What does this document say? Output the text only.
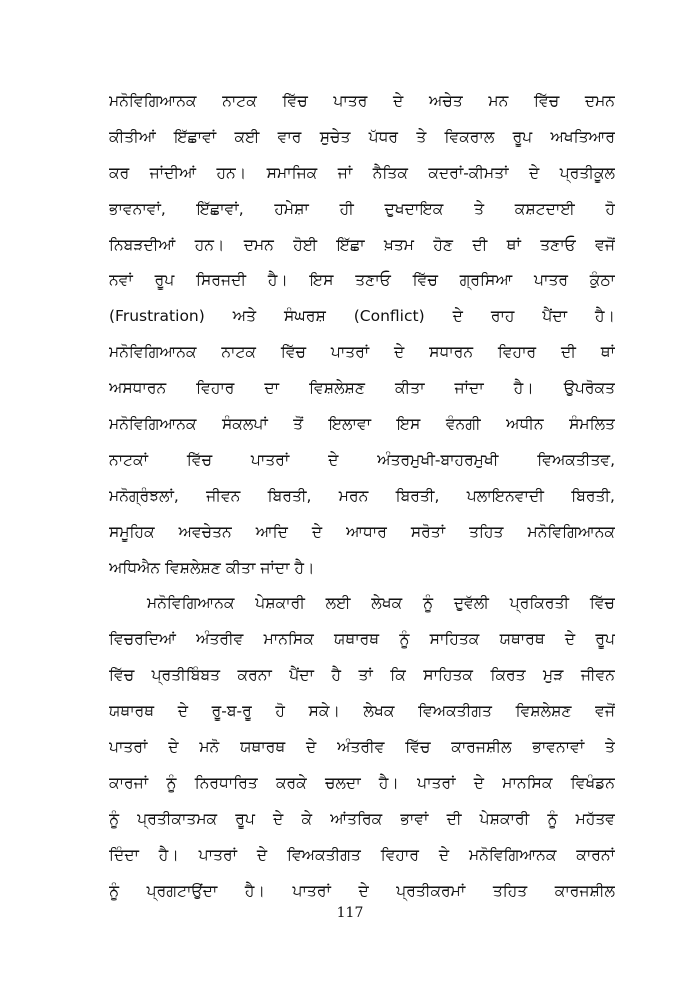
ਮਨੋਵਿਗਿਆਨਕ ਨਾਟਕ ਵਿੱਚ ਪਾਤਰ ਦੇ ਅਚੇਤ ਮਨ ਵਿੱਚ ਦਮਨ
ਕੀਤੀਆਂ ਇੱਛਾਵਾਂ ਕਈ ਵਾਰ ਸੁਚੇਤ ਪੱਧਰ ਤੇ ਵਿਕਰਾਲ ਰੂਪ ਅਖਤਿਆਰ
ਕਰ ਜਾਂਦੀਆਂ ਹਨ। ਸਮਾਜਿਕ ਜਾਂ ਨੈਤਿਕ ਕਦਰਾਂ-ਕੀਮਤਾਂ ਦੇ ਪ੍ਰਤੀਕੂਲ
ਭਾਵਨਾਵਾਂ, ਇੱਛਾਵਾਂ, ਹਮੇਸ਼ਾ ਹੀ ਦੁਖਦਾਇਕ ਤੇ ਕਸ਼ਟਦਾਈ ਹੋ
ਨਿਬੜਦੀਆਂ ਹਨ। ਦਮਨ ਹੋਈ ਇੱਛਾ ਖ਼ਤਮ ਹੋਣ ਦੀ ਥਾਂ ਤਣਾਓ ਵਜੋਂ
ਨਵਾਂ ਰੂਪ ਸਿਰਜਦੀ ਹੈ। ਇਸ ਤਣਾਓ ਵਿੱਚ ਗ੍ਰਸਿਆ ਪਾਤਰ ਕੁੰਠਾ
(Frustration) ਅਤੇ ਸੰਘਰਸ਼ (Conflict) ਦੇ ਰਾਹ ਪੈਂਦਾ ਹੈ।
ਮਨੋਵਿਗਿਆਨਕ ਨਾਟਕ ਵਿੱਚ ਪਾਤਰਾਂ ਦੇ ਸਧਾਰਨ ਵਿਹਾਰ ਦੀ ਥਾਂ
ਅਸਧਾਰਨ ਵਿਹਾਰ ਦਾ ਵਿਸ਼ਲੇਸ਼ਣ ਕੀਤਾ ਜਾਂਦਾ ਹੈ। ਉਪਰੋਕਤ
ਮਨੋਵਿਗਿਆਨਕ ਸੰਕਲਪਾਂ ਤੋਂ ਇਲਾਵਾ ਇਸ ਵੰਨਗੀ ਅਧੀਨ ਸੰਮਲਿਤ
ਨਾਟਕਾਂ ਵਿੱਚ ਪਾਤਰਾਂ ਦੇ ਅੰਤਰਮੁਖੀ-ਬਾਹਰਮੁਖੀ ਵਿਅਕਤੀਤਵ,
ਮਨੋਗ੍ਰੰਝਲਾਂ, ਜੀਵਨ ਬਿਰਤੀ, ਮਰਨ ਬਿਰਤੀ, ਪਲਾਇਨਵਾਦੀ ਬਿਰਤੀ,
ਸਮੂਹਿਕ ਅਵਚੇਤਨ ਆਦਿ ਦੇ ਆਧਾਰ ਸਰੋਤਾਂ ਤਹਿਤ ਮਨੋਵਿਗਿਆਨਕ
ਅਧਿਐਨ ਵਿਸ਼ਲੇਸ਼ਣ ਕੀਤਾ ਜਾਂਦਾ ਹੈ।
ਮਨੋਵਿਗਿਆਨਕ ਪੇਸ਼ਕਾਰੀ ਲਈ ਲੇਖਕ ਨੂੰ ਦੁਵੱਲੀ ਪ੍ਰਕਿਰਤੀ ਵਿੱਚ
ਵਿਚਰਦਿਆਂ ਅੰਤਰੀਵ ਮਾਨਸਿਕ ਯਥਾਰਥ ਨੂੰ ਸਾਹਿਤਕ ਯਥਾਰਥ ਦੇ ਰੂਪ
ਵਿੱਚ ਪ੍ਰਤੀਬਿੰਬਤ ਕਰਨਾ ਪੈਂਦਾ ਹੈ ਤਾਂ ਕਿ ਸਾਹਿਤਕ ਕਿਰਤ ਮੁੜ ਜੀਵਨ
ਯਥਾਰਥ ਦੇ ਰੂ-ਬ-ਰੂ ਹੋ ਸਕੇ। ਲੇਖਕ ਵਿਅਕਤੀਗਤ ਵਿਸ਼ਲੇਸ਼ਣ ਵਜੋਂ
ਪਾਤਰਾਂ ਦੇ ਮਨੋ ਯਥਾਰਥ ਦੇ ਅੰਤਰੀਵ ਵਿੱਚ ਕਾਰਜਸ਼ੀਲ ਭਾਵਨਾਵਾਂ ਤੇ
ਕਾਰਜਾਂ ਨੂੰ ਨਿਰਧਾਰਿਤ ਕਰਕੇ ਚਲਦਾ ਹੈ। ਪਾਤਰਾਂ ਦੇ ਮਾਨਸਿਕ ਵਿਖੰਡਨ
ਨੂੰ ਪ੍ਰਤੀਕਾਤਮਕ ਰੂਪ ਦੇ ਕੇ ਆਂਤਰਿਕ ਭਾਵਾਂ ਦੀ ਪੇਸ਼ਕਾਰੀ ਨੂੰ ਮਹੱਤਵ
ਦਿੰਦਾ ਹੈ। ਪਾਤਰਾਂ ਦੇ ਵਿਅਕਤੀਗਤ ਵਿਹਾਰ ਦੇ ਮਨੋਵਿਗਿਆਨਕ ਕਾਰਨਾਂ
ਨੂੰ ਪ੍ਰਗਟਾਉਂਦਾ ਹੈ। ਪਾਤਰਾਂ ਦੇ ਪ੍ਰਤੀਕਰਮਾਂ ਤਹਿਤ ਕਾਰਜਸ਼ੀਲ
117
